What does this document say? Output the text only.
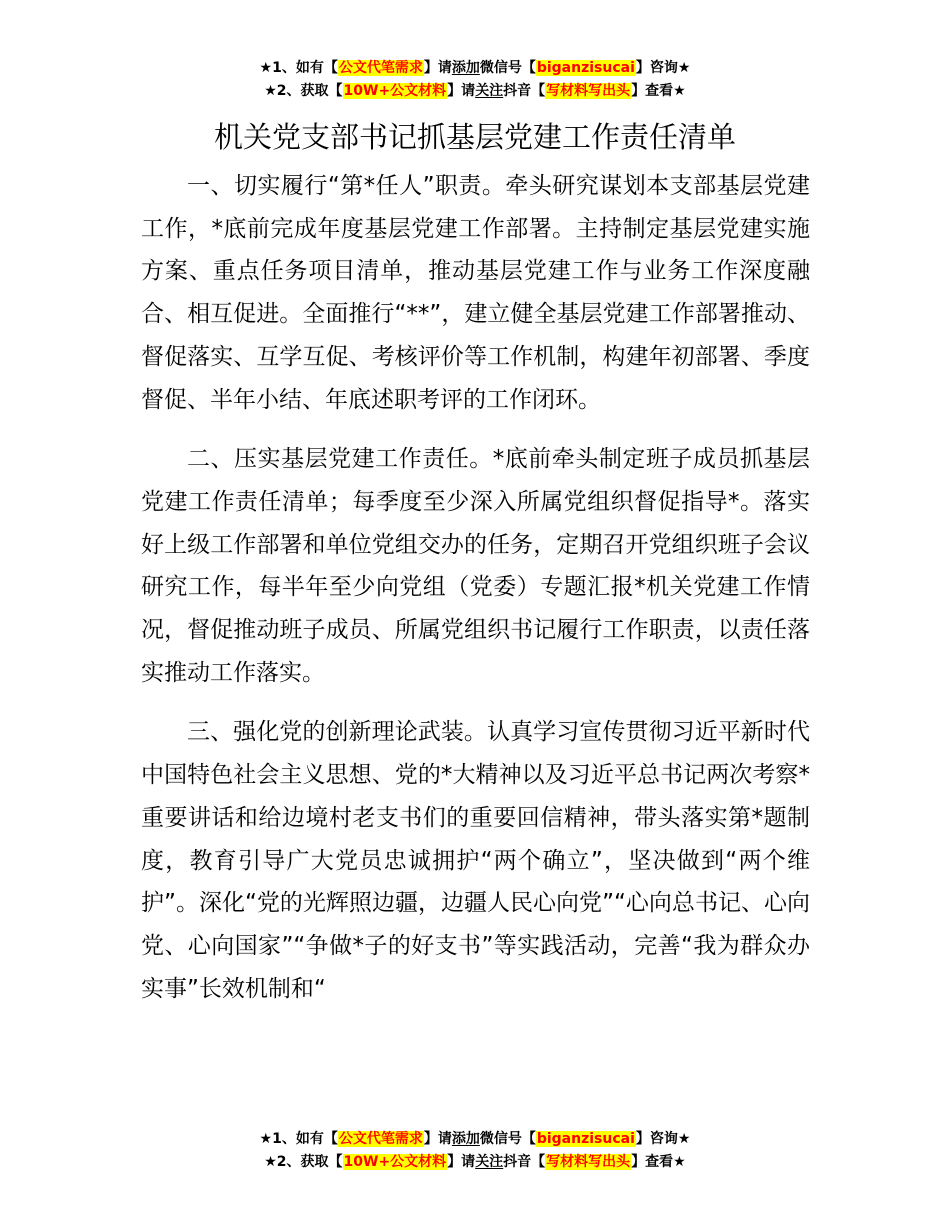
★1、如有【公文代笔需求】请添加微信号【biganzisucai】咨询★
★2、获取【10W+公文材料】请关注抖音【写材料写出头】查看★
机关党支部书记抓基层党建工作责任清单

一、切实履行“第*任人”职责。牵头研究谋划本支部基层党建工作，*底前完成年度基层党建工作部署。主持制定基层党建实施方案、重点任务项目清单，推动基层党建工作与业务工作深度融合、相互促进。全面推行“**”，建立健全基层党建工作部署推动、督促落实、互学互促、考核评价等工作机制，构建年初部署、季度督促、半年小结、年底述职考评的工作闭环。

二、压实基层党建工作责任。*底前牵头制定班子成员抓基层党建工作责任清单；每季度至少深入所属党组织督促指导*。落实好上级工作部署和单位党组交办的任务，定期召开党组织班子会议研究工作，每半年至少向党组（党委）专题汇报*机关党建工作情况，督促推动班子成员、所属党组织书记履行工作职责，以责任落实推动工作落实。

三、强化党的创新理论武装。认真学习宣传贯彻习近平新时代中国特色社会主义思想、党的*大精神以及习近平总书记两次考察*重要讲话和给边境村老支书们的重要回信精神，带头落实第*题制度，教育引导广大党员忠诚拥护“两个确立”，坚决做到“两个维护”。深化“党的光辉照边疆，边疆人民心向党”“心向总书记、心向党、心向国家”“争做*子的好支书”等实践活动，完善“我为群众办实事”长效机制和“

★1、如有【公文代笔需求】请添加微信号【biganzisucai】咨询★
★2、获取【10W+公文材料】请关注抖音【写材料写出头】查看★
